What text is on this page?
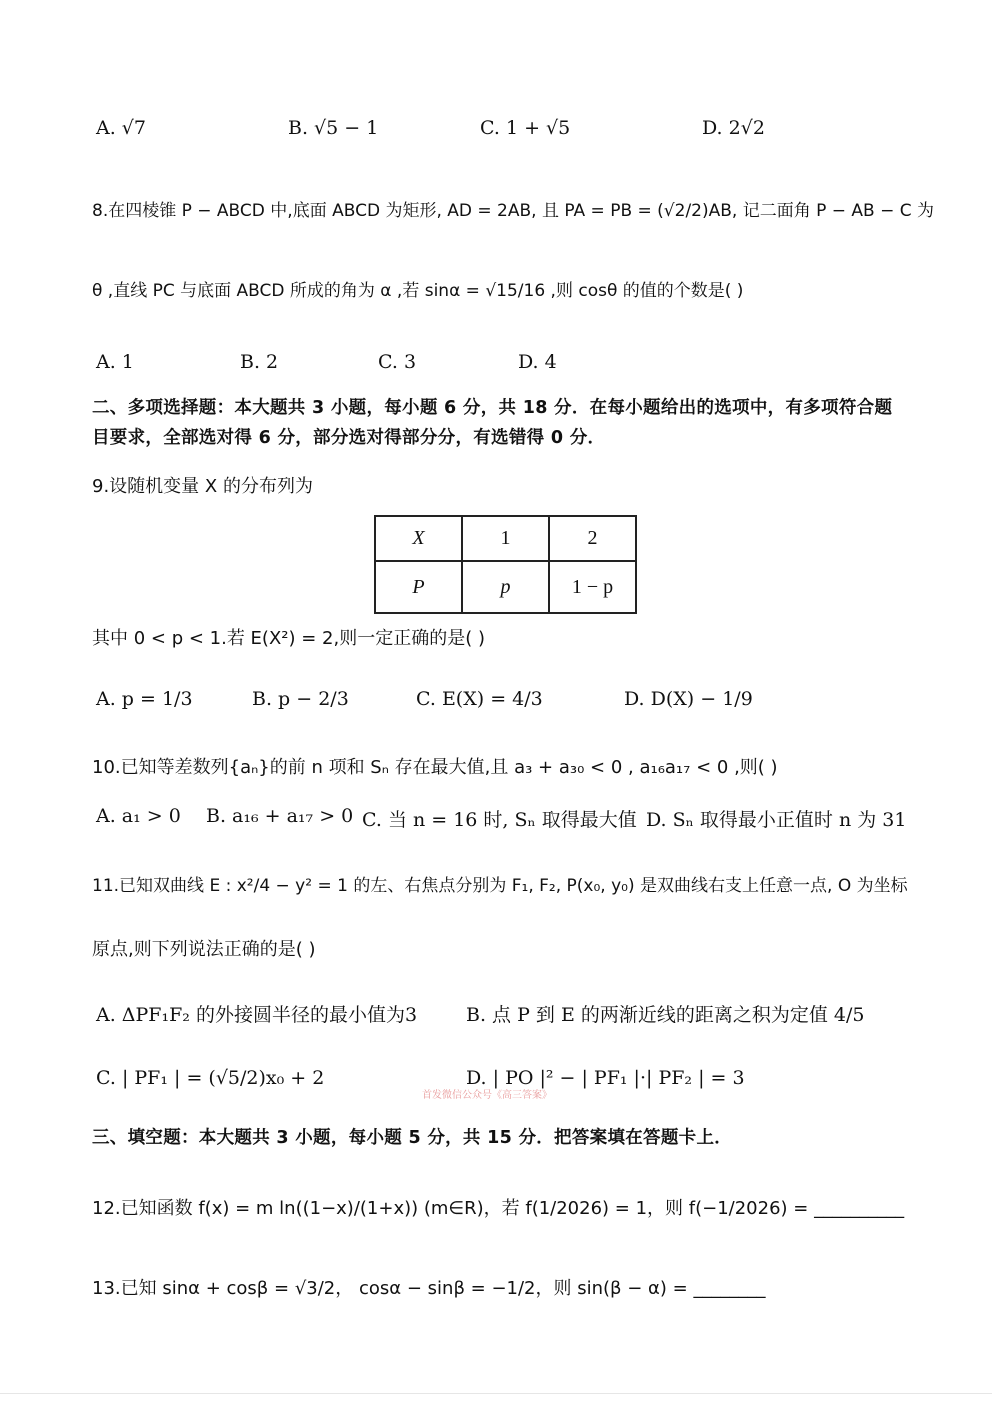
A. √7	B. √5 − 1	C. 1 + √5	D. 2√2
8.在四棱锥 P − ABCD 中,底面 ABCD 为矩形, AD = 2AB, 且 PA = PB = (√2/2)AB, 记二面角 P − AB − C 为
θ ,直线 PC 与底面 ABCD 所成的角为 α ,若 sinα = √15/16 ,则 cosθ 的值的个数是( )
A. 1	B. 2	C. 3	D. 4
二、多项选择题：本大题共 3 小题，每小题 6 分，共 18 分．在每小题给出的选项中，有多项符合题
目要求，全部选对得 6 分，部分选对得部分分，有选错得 0 分．
9.设随机变量 X 的分布列为
X	1	2
P	p	1 − p
其中 0 < p < 1.若 E(X²) = 2,则一定正确的是( )
A. p = 1/3	B. p − 2/3	C. E(X) = 4/3	D. D(X) − 1/9
10.已知等差数列{aₙ}的前 n 项和 Sₙ 存在最大值,且 a₃ + a₃₀ < 0 , a₁₆a₁₇ < 0 ,则( )
A. a₁ > 0 B. a₁₆ + a₁₇ > 0 C. 当 n = 16 时, Sₙ 取得最大值 D. Sₙ 取得最小正值时 n 为 31
11.已知双曲线 E : x²/4 − y² = 1 的左、右焦点分别为 F₁, F₂, P(x₀, y₀) 是双曲线右支上任意一点, O 为坐标
原点,则下列说法正确的是( )
A. ΔPF₁F₂ 的外接圆半径的最小值为3	B. 点 P 到 E 的两渐近线的距离之积为定值 4/5
C. | PF₁ | = (√5/2)x₀ + 2	D. | PO |² − | PF₁ |·| PF₂ | = 3
首发微信公众号《高三答案》
三、填空题：本大题共 3 小题，每小题 5 分，共 15 分．把答案填在答题卡上．
12.已知函数 f(x) = m ln((1−x)/(1+x)) (m∈R)，若 f(1/2026) = 1，则 f(−1/2026) = __________
13.已知 sinα + cosβ = √3/2， cosα − sinβ = −1/2，则 sin(β − α) = ________
